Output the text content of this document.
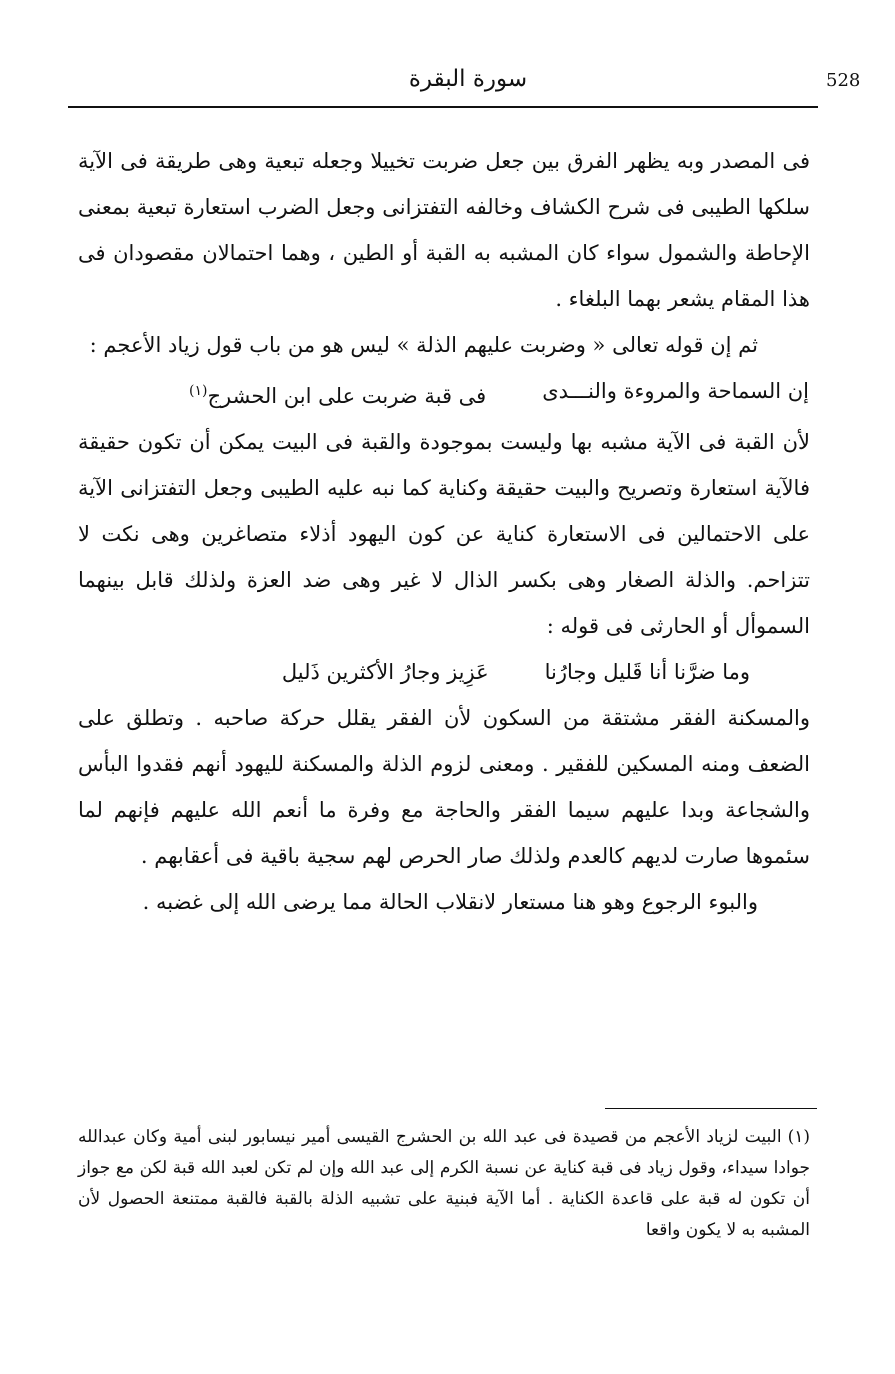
528
سورة البقرة

فى المصدر وبه يظهر الفرق بين جعل ضربت تخييلا وجعله تبعية وهى طريقة فى الآية سلكها الطيبى فى شرح الكشاف وخالفه التفتزانى وجعل الضرب استعارة تبعية بمعنى الإحاطة والشمول سواء كان المشبه به القبة أو الطين ، وهما احتمالان مقصودان فى هذا المقام يشعر بهما البلغاء .

ثم إن قوله تعالى « وضربت عليهم الذلة » ليس هو من باب قول زياد الأعجم :

إن السماحة والمروءة والنـــدى
فى قبة ضربت على ابن الحشرج$^{(١)}$

لأن القبة فى الآية مشبه بها وليست بموجودة والقبة فى البيت يمكن أن تكون حقيقة فالآية استعارة وتصريح والبيت حقيقة وكناية كما نبه عليه الطيبى وجعل التفتزانى الآية على الاحتمالين فى الاستعارة كناية عن كون اليهود أذلاء متصاغرين وهى نكت لا تتزاحم. والذلة الصغار وهى بكسر الذال لا غير وهى ضد العزة ولذلك قابل بينهما السموأل أو الحارثى فى قوله :

وما ضرَّنا أنا قَليل وجارُنا
عَزِيز وجارُ الأكثرين ذَليل

والمسكنة الفقر مشتقة من السكون لأن الفقر يقلل حركة صاحبه . وتطلق على الضعف ومنه المسكين للفقير . ومعنى لزوم الذلة والمسكنة لليهود أنهم فقدوا البأس والشجاعة وبدا عليهم سيما الفقر والحاجة مع وفرة ما أنعم الله عليهم فإنهم لما سئموها صارت لديهم كالعدم ولذلك صار الحرص لهم سجية باقية فى أعقابهم .

والبوء الرجوع وهو هنا مستعار لانقلاب الحالة مما يرضى الله إلى غضبه .

(١)البيت لزياد الأعجم من قصيدة فى عبد الله بن الحشرج القيسى أمير نيسابور لبنى أمية وكان عبدالله جوادا سيداء، وقول زياد فى قبة كناية عن نسبة الكرم إلى عبد الله وإن لم تكن لعبد الله قبة لكن مع جواز أن تكون له قبة على قاعدة الكناية . أما الآية فبنية على تشبيه الذلة بالقبة فالقبة ممتنعة الحصول لأن المشبه به لا يكون واقعا
